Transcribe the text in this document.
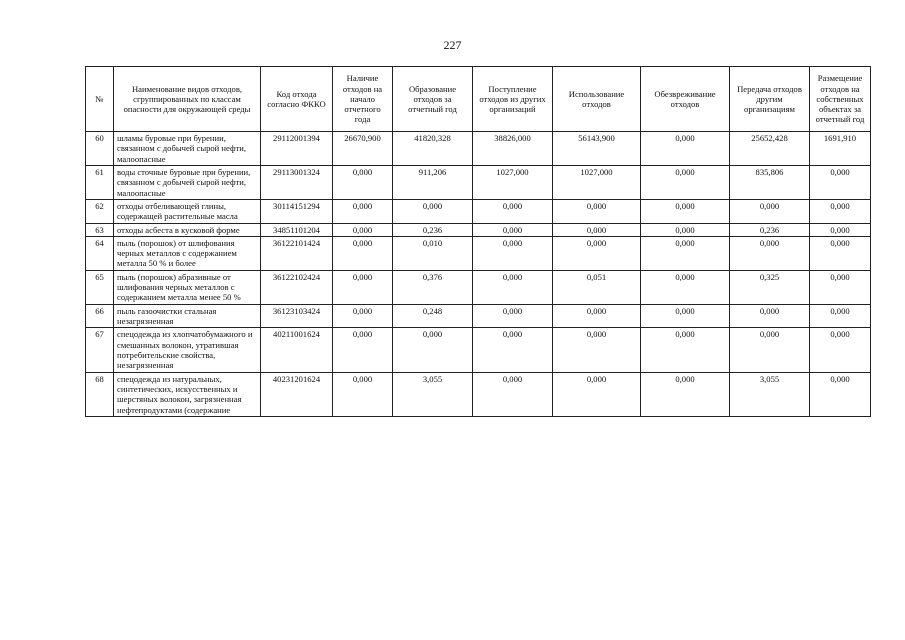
227
№	Наименование видов отходов, сгруппированных по классам опасности для окружающей среды	Код отхода согласно ФККО	Наличие отходов на начало отчетного года	Образование отходов за отчетный год	Поступление отходов из других организаций	Использование отходов	Обезвреживание отходов	Передача отходов другим организациям	Размещение отходов на собственных объектах за отчетный год
60	шламы буровые при бурении, связанном с добычей сырой нефти, малоопасные	29112001394	26670,900	41820,328	38826,000	56143,900	0,000	25652,428	1691,910
61	воды сточные буровые при бурении, связанном с добычей сырой нефти, малоопасные	29113001324	0,000	911,206	1027,000	1027,000	0,000	835,806	0,000
62	отходы отбеливающей глины, содержащей растительные масла	30114151294	0,000	0,000	0,000	0,000	0,000	0,000	0,000
63	отходы асбеста в кусковой форме	34851101204	0,000	0,236	0,000	0,000	0,000	0,236	0,000
64	пыль (порошок) от шлифования черных металлов с содержанием металла 50 % и более	36122101424	0,000	0,010	0,000	0,000	0,000	0,000	0,000
65	пыль (порошок) абразивные от шлифования черных металлов с содержанием металла менее 50 %	36122102424	0,000	0,376	0,000	0,051	0,000	0,325	0,000
66	пыль газоочистки стальная незагрязненная	36123103424	0,000	0,248	0,000	0,000	0,000	0,000	0,000
67	спецодежда из хлопчатобумажного и смешанных волокон, утратившая потребительские свойства, незагрязненная	40211001624	0,000	0,000	0,000	0,000	0,000	0,000	0,000
68	спецодежда из натуральных, синтетических, искусственных и шерстяных волокон, загрязненная нефтепродуктами (содержание	40231201624	0,000	3,055	0,000	0,000	0,000	3,055	0,000
